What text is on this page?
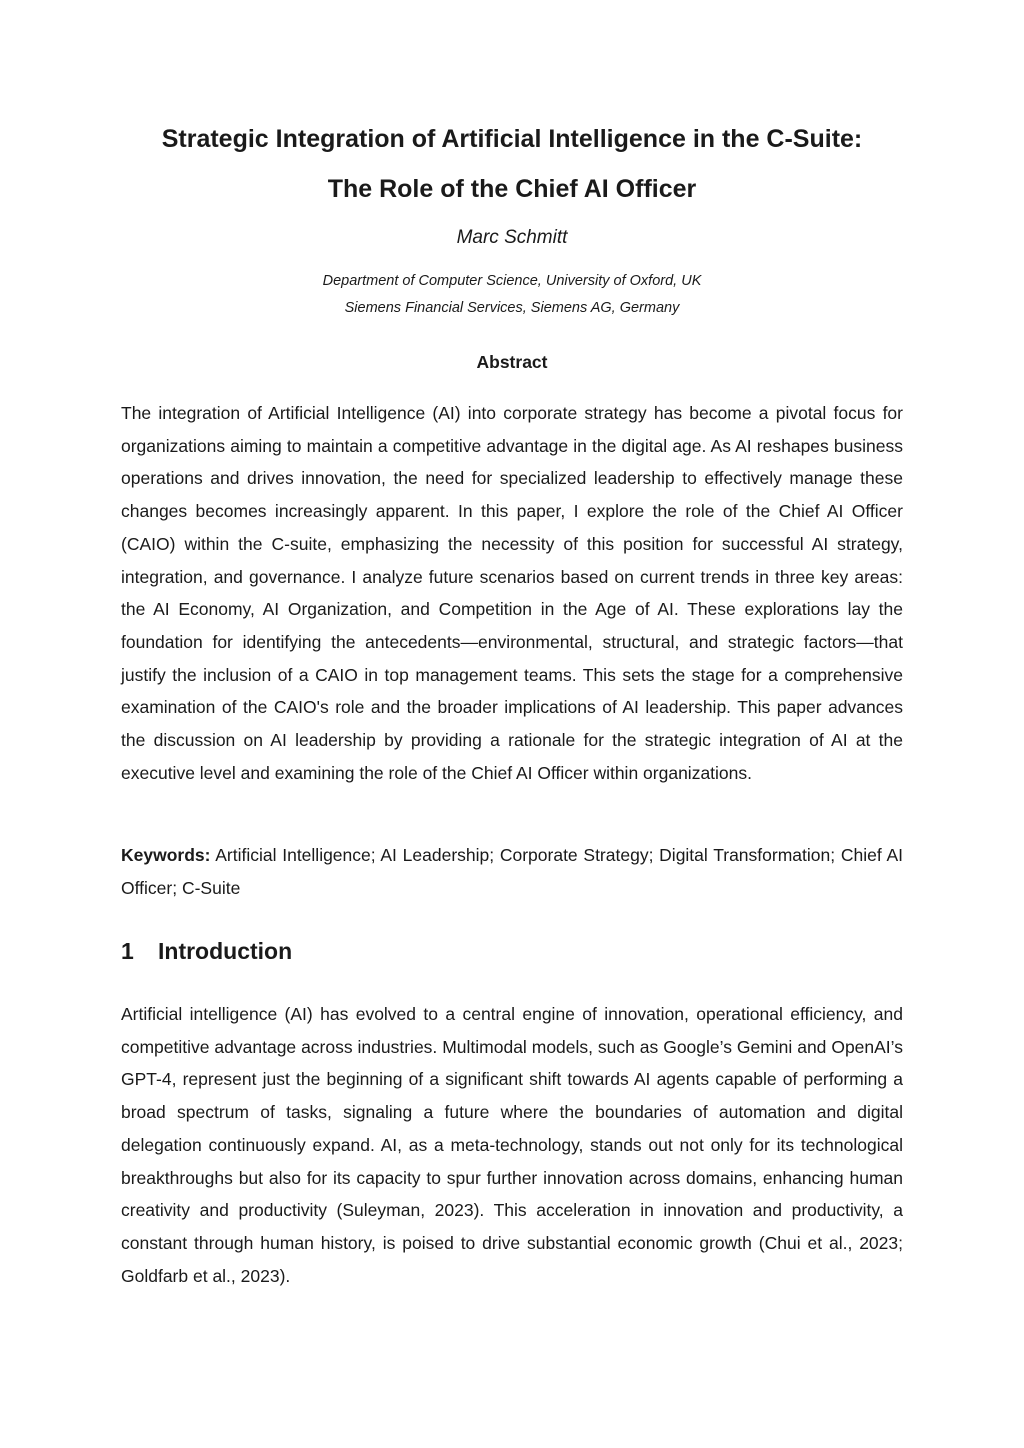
Strategic Integration of Artificial Intelligence in the C-Suite:
The Role of the Chief AI Officer

Marc Schmitt

Department of Computer Science, University of Oxford, UK
Siemens Financial Services, Siemens AG, Germany

Abstract

The integration of Artificial Intelligence (AI) into corporate strategy has become a pivotal focus for organizations aiming to maintain a competitive advantage in the digital age. As AI reshapes business operations and drives innovation, the need for specialized leadership to effectively manage these changes becomes increasingly apparent. In this paper, I explore the role of the Chief AI Officer (CAIO) within the C-suite, emphasizing the necessity of this position for successful AI strategy, integration, and governance. I analyze future scenarios based on current trends in three key areas: the AI Economy, AI Organization, and Competition in the Age of AI. These explorations lay the foundation for identifying the antecedents—environmental, structural, and strategic factors—that justify the inclusion of a CAIO in top management teams. This sets the stage for a comprehensive examination of the CAIO's role and the broader implications of AI leadership. This paper advances the discussion on AI leadership by providing a rationale for the strategic integration of AI at the executive level and examining the role of the Chief AI Officer within organizations.

Keywords: Artificial Intelligence; AI Leadership; Corporate Strategy; Digital Transformation; Chief AI Officer; C-Suite

1 Introduction

Artificial intelligence (AI) has evolved to a central engine of innovation, operational efficiency, and competitive advantage across industries. Multimodal models, such as Google’s Gemini and OpenAI’s GPT-4, represent just the beginning of a significant shift towards AI agents capable of performing a broad spectrum of tasks, signaling a future where the boundaries of automation and digital delegation continuously expand. AI, as a meta-technology, stands out not only for its technological breakthroughs but also for its capacity to spur further innovation across domains, enhancing human creativity and productivity (Suleyman, 2023). This acceleration in innovation and productivity, a constant through human history, is poised to drive substantial economic growth (Chui et al., 2023; Goldfarb et al., 2023).
